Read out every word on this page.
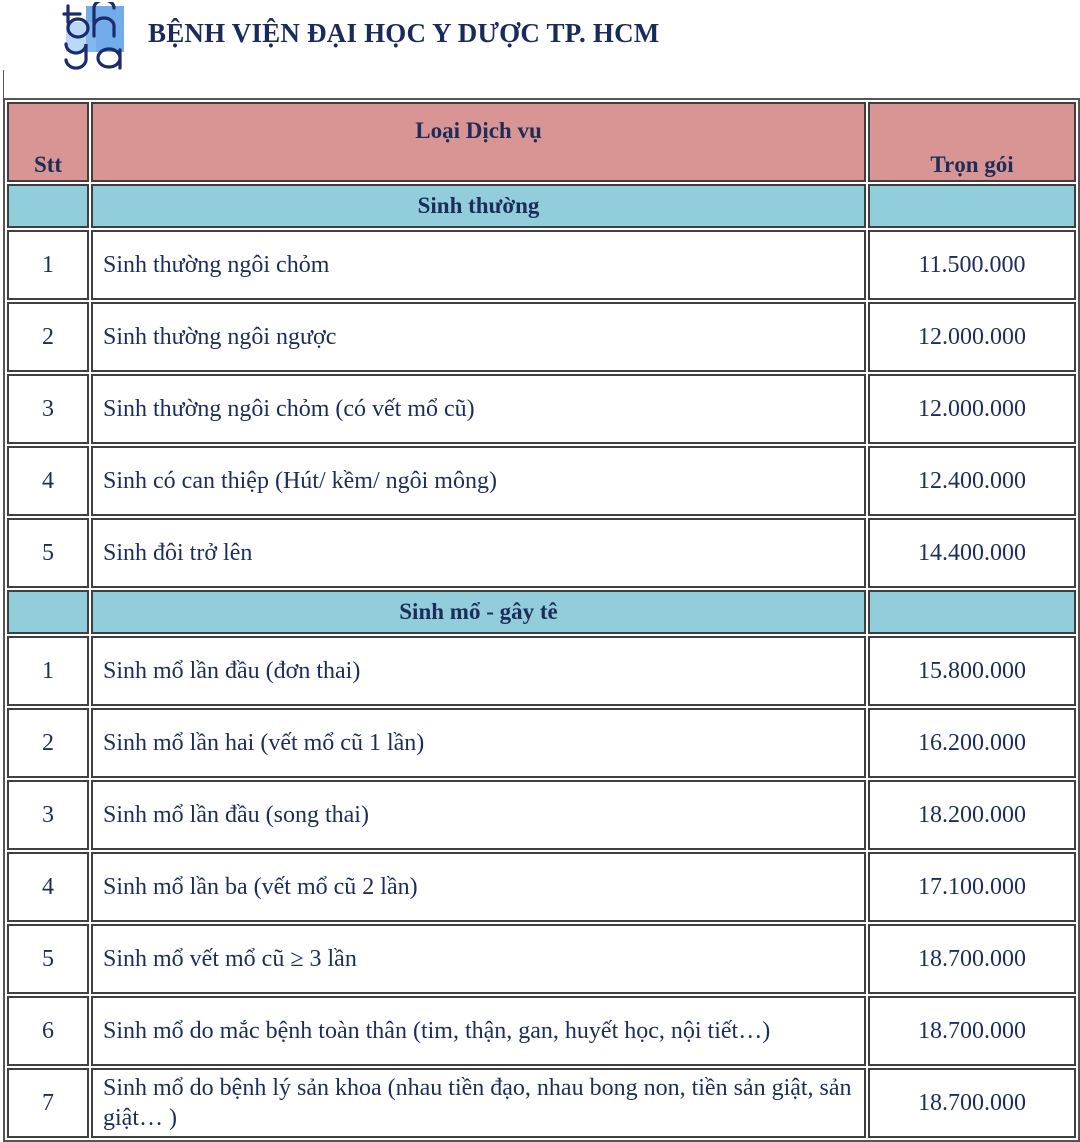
BỆNH VIỆN ĐẠI HỌC Y DƯỢC TP. HCM
Stt	Loại Dịch vụ	Trọn gói
	Sinh thường	
1	Sinh thường ngôi chỏm	11.500.000
2	Sinh thường ngôi ngược	12.000.000
3	Sinh thường ngôi chỏm (có vết mổ cũ)	12.000.000
4	Sinh có can thiệp (Hút/ kềm/ ngôi mông)	12.400.000
5	Sinh đôi trở lên	14.400.000
	Sinh mổ - gây tê	
1	Sinh mổ lần đầu (đơn thai)	15.800.000
2	Sinh mổ lần hai (vết mổ cũ 1 lần)	16.200.000
3	Sinh mổ lần đầu (song thai)	18.200.000
4	Sinh mổ lần ba (vết mổ cũ 2 lần)	17.100.000
5	Sinh mổ vết mổ cũ ≥ 3 lần	18.700.000
6	Sinh mổ do mắc bệnh toàn thân (tim, thận, gan, huyết học, nội tiết…)	18.700.000
7	Sinh mổ do bệnh lý sản khoa (nhau tiền đạo, nhau bong non, tiền sản giật, sản giật… )	18.700.000
